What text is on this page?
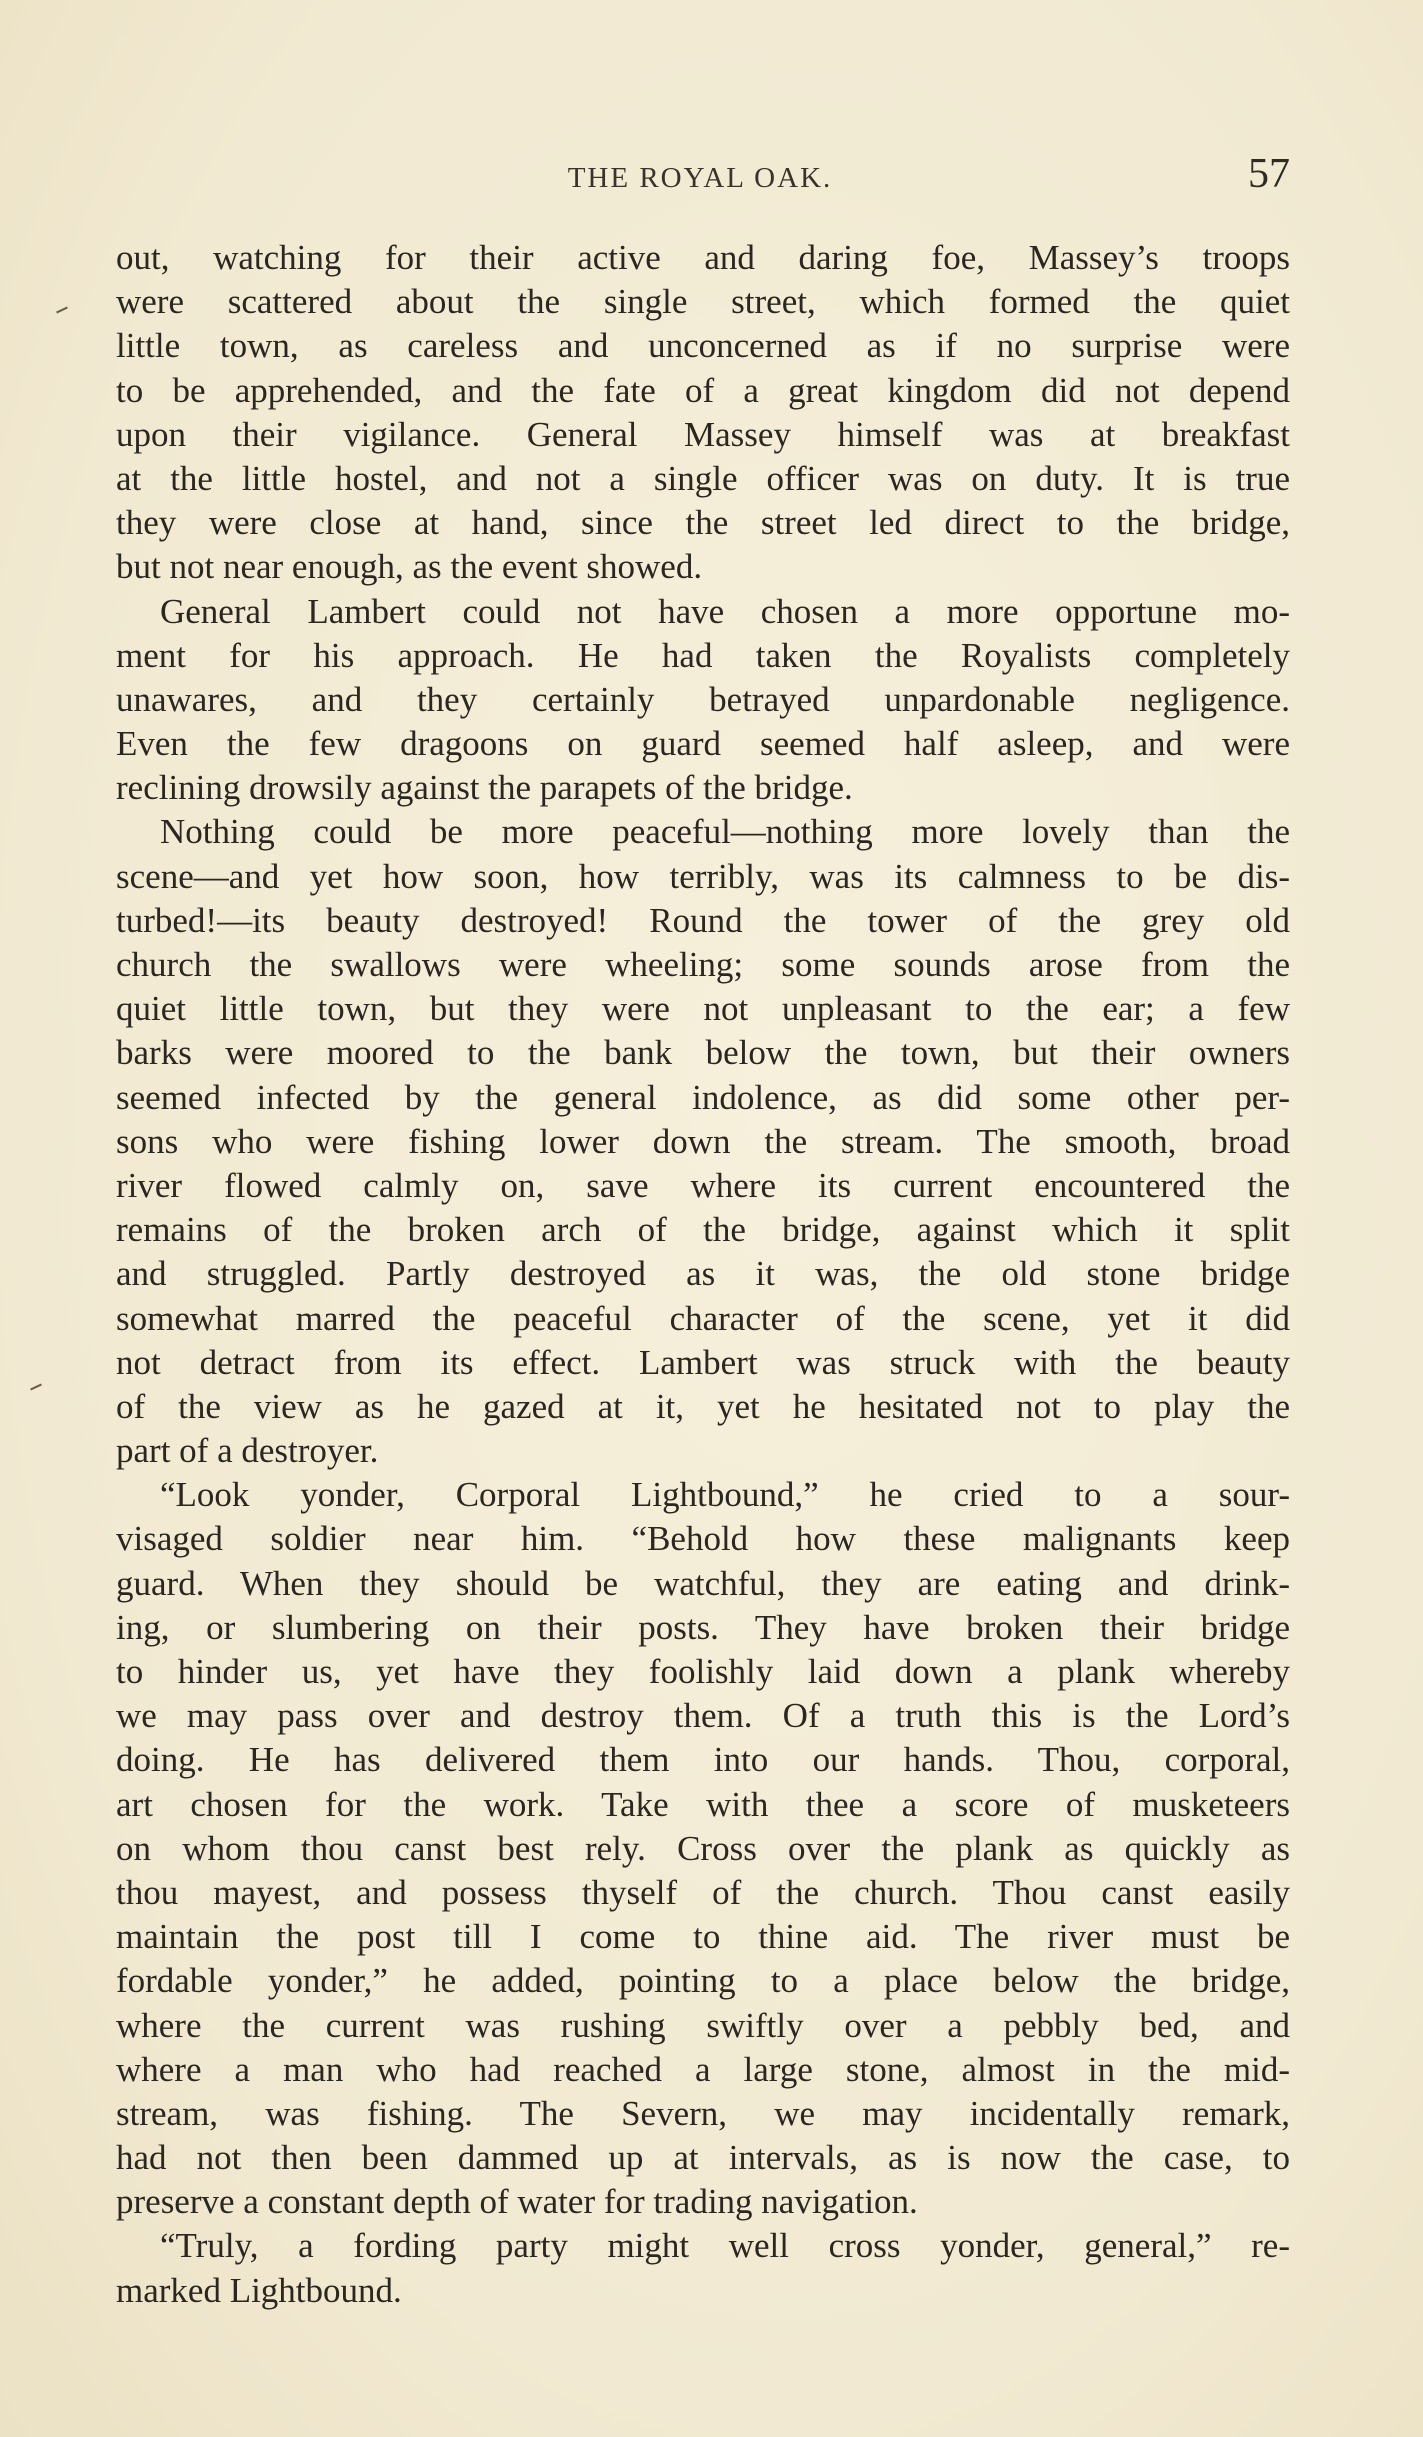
THE ROYAL OAK.	57
out, watching for their active and daring foe, Massey’s troops
were scattered about the single street, which formed the quiet
little town, as careless and unconcerned as if no surprise were
to be apprehended, and the fate of a great kingdom did not depend
upon their vigilance. General Massey himself was at breakfast
at the little hostel, and not a single officer was on duty. It is true
they were close at hand, since the street led direct to the bridge,
but not near enough, as the event showed.
General Lambert could not have chosen a more opportune mo-
ment for his approach. He had taken the Royalists completely
unawares, and they certainly betrayed unpardonable negligence.
Even the few dragoons on guard seemed half asleep, and were
reclining drowsily against the parapets of the bridge.
Nothing could be more peaceful—nothing more lovely than the
scene—and yet how soon, how terribly, was its calmness to be dis-
turbed!—its beauty destroyed! Round the tower of the grey old
church the swallows were wheeling; some sounds arose from the
quiet little town, but they were not unpleasant to the ear; a few
barks were moored to the bank below the town, but their owners
seemed infected by the general indolence, as did some other per-
sons who were fishing lower down the stream. The smooth, broad
river flowed calmly on, save where its current encountered the
remains of the broken arch of the bridge, against which it split
and struggled. Partly destroyed as it was, the old stone bridge
somewhat marred the peaceful character of the scene, yet it did
not detract from its effect. Lambert was struck with the beauty
of the view as he gazed at it, yet he hesitated not to play the
part of a destroyer.
“Look yonder, Corporal Lightbound,” he cried to a sour-
visaged soldier near him. “Behold how these malignants keep
guard. When they should be watchful, they are eating and drink-
ing, or slumbering on their posts. They have broken their bridge
to hinder us, yet have they foolishly laid down a plank whereby
we may pass over and destroy them. Of a truth this is the Lord’s
doing. He has delivered them into our hands. Thou, corporal,
art chosen for the work. Take with thee a score of musketeers
on whom thou canst best rely. Cross over the plank as quickly as
thou mayest, and possess thyself of the church. Thou canst easily
maintain the post till I come to thine aid. The river must be
fordable yonder,” he added, pointing to a place below the bridge,
where the current was rushing swiftly over a pebbly bed, and
where a man who had reached a large stone, almost in the mid-
stream, was fishing. The Severn, we may incidentally remark,
had not then been dammed up at intervals, as is now the case, to
preserve a constant depth of water for trading navigation.
“Truly, a fording party might well cross yonder, general,” re-
marked Lightbound.
